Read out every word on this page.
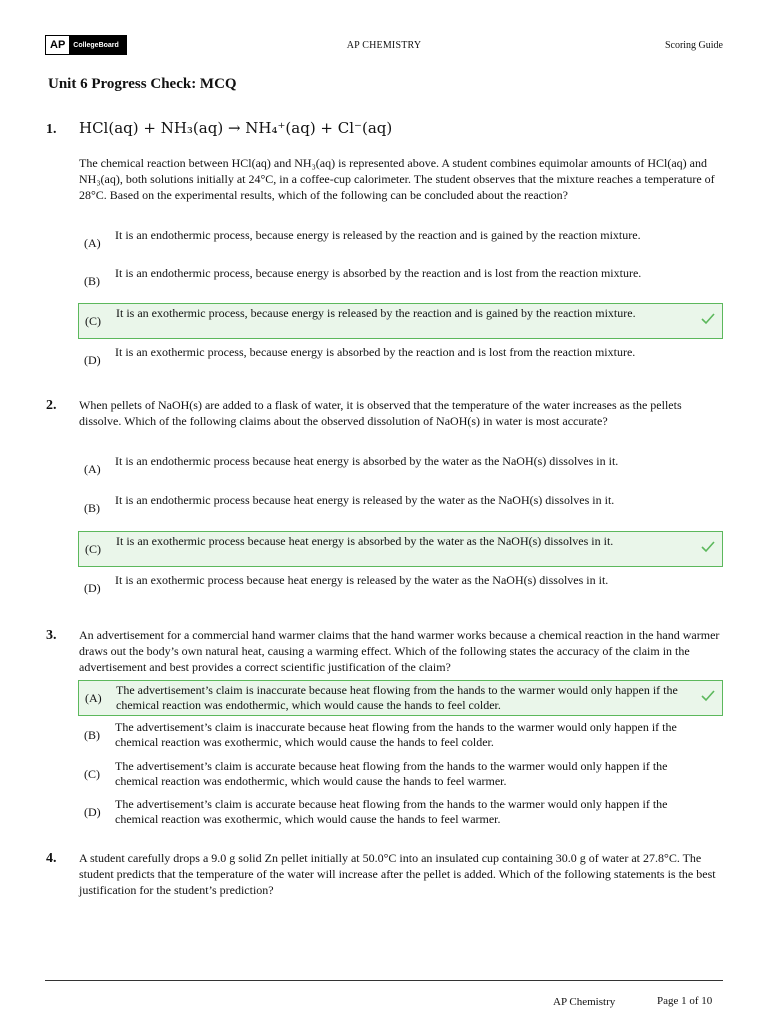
AP	CollegeBoard	AP CHEMISTRY	Scoring Guide
Unit 6 Progress Check: MCQ
1. HCl(aq) + NH₃(aq) → NH₄⁺(aq) + Cl⁻(aq)
The chemical reaction between HCl(aq) and NH₃(aq) is represented above. A student combines equimolar amounts of HCl(aq) and NH₃(aq), both solutions initially at 24°C, in a coffee-cup calorimeter. The student observes that the mixture reaches a temperature of 28°C. Based on the experimental results, which of the following can be concluded about the reaction?
(A)
It is an endothermic process, because energy is released by the reaction and is gained by the reaction mixture.
(B)
It is an endothermic process, because energy is absorbed by the reaction and is lost from the reaction mixture.
(C)
It is an exothermic process, because energy is released by the reaction and is gained by the reaction mixture.
(D)
It is an exothermic process, because energy is absorbed by the reaction and is lost from the reaction mixture.
2. When pellets of NaOH(s) are added to a flask of water, it is observed that the temperature of the water increases as the pellets dissolve. Which of the following claims about the observed dissolution of NaOH(s) in water is most accurate?
(A)
It is an endothermic process because heat energy is absorbed by the water as the NaOH(s) dissolves in it.
(B)
It is an endothermic process because heat energy is released by the water as the NaOH(s) dissolves in it.
(C)
It is an exothermic process because heat energy is absorbed by the water as the NaOH(s) dissolves in it.
(D)
It is an exothermic process because heat energy is released by the water as the NaOH(s) dissolves in it.
3. An advertisement for a commercial hand warmer claims that the hand warmer works because a chemical reaction in the hand warmer draws out the body’s own natural heat, causing a warming effect. Which of the following states the accuracy of the claim in the advertisement and best provides a correct scientific justification of the claim?
(A)
The advertisement’s claim is inaccurate because heat flowing from the hands to the warmer would only happen if the chemical reaction was endothermic, which would cause the hands to feel colder.
(B)
The advertisement’s claim is inaccurate because heat flowing from the hands to the warmer would only happen if the chemical reaction was exothermic, which would cause the hands to feel colder.
(C)
The advertisement’s claim is accurate because heat flowing from the hands to the warmer would only happen if the chemical reaction was endothermic, which would cause the hands to feel warmer.
(D)
The advertisement’s claim is accurate because heat flowing from the hands to the warmer would only happen if the chemical reaction was exothermic, which would cause the hands to feel warmer.
4. A student carefully drops a 9.0 g solid Zn pellet initially at 50.0°C into an insulated cup containing 30.0 g of water at 27.8°C. The student predicts that the temperature of the water will increase after the pellet is added. Which of the following statements is the best justification for the student’s prediction?
AP Chemistry	Page 1 of 10
